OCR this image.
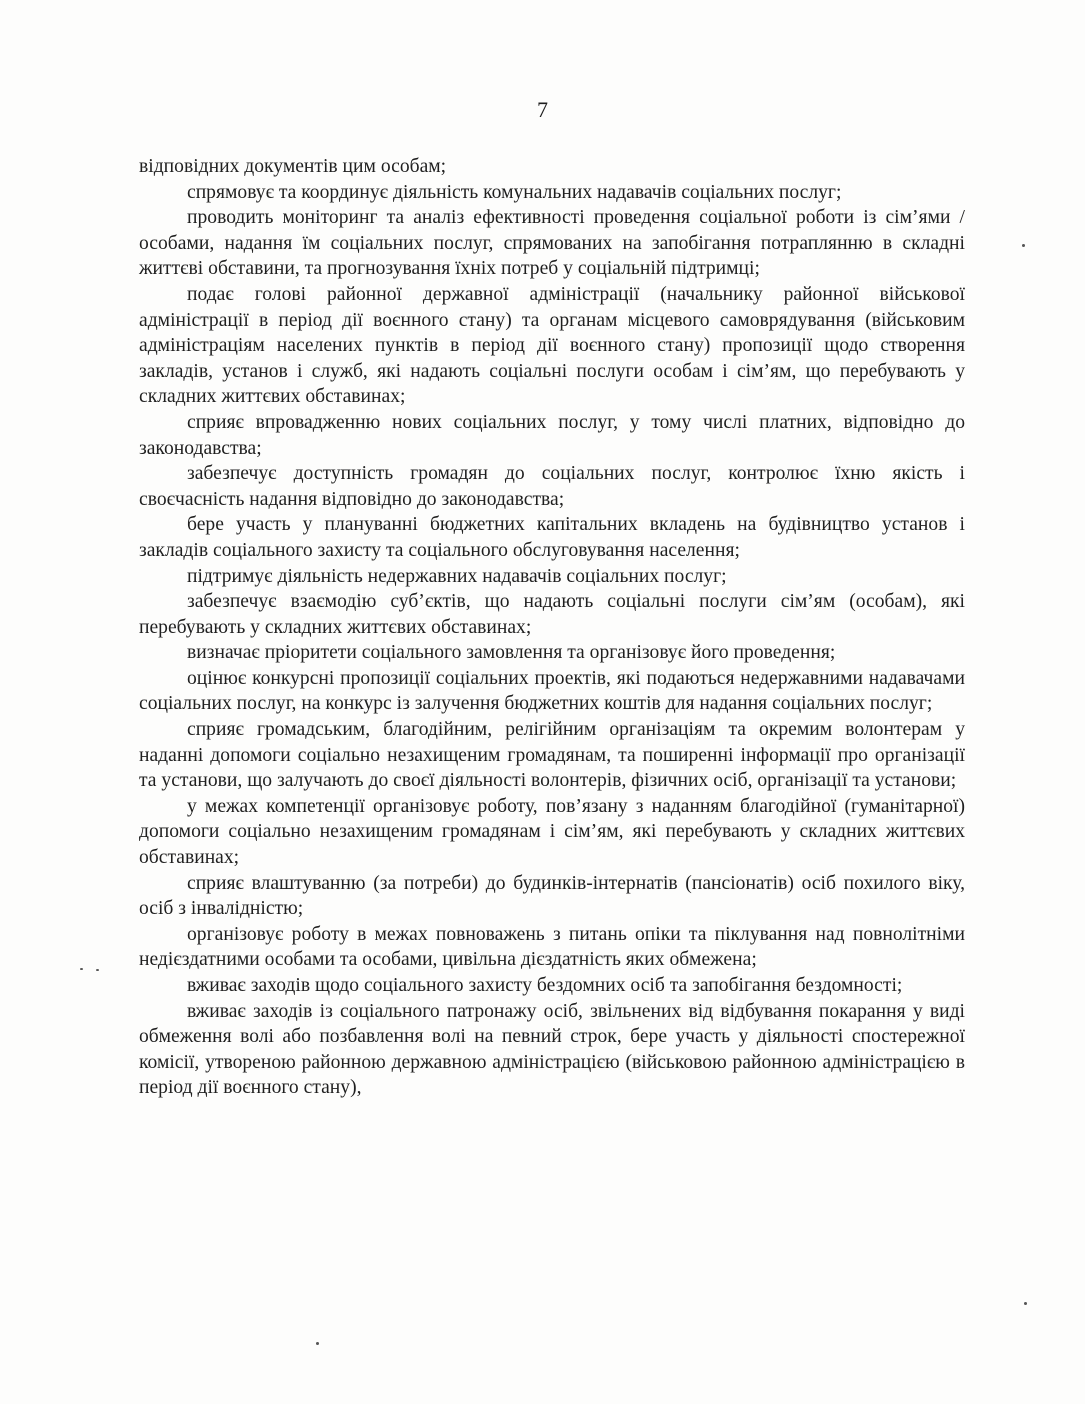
7

відповідних документів цим особам;

спрямовує та координує діяльність комунальних надавачів соціальних послуг;

проводить моніторинг та аналіз ефективності проведення соціальної роботи із сім’ями / особами, надання їм соціальних послуг, спрямованих на запобігання потраплянню в складні життєві обставини, та прогнозування їхніх потреб у соціальній підтримці;

подає голові районної державної адміністрації (начальнику районної військової адміністрації в період дії воєнного стану) та органам місцевого самоврядування (військовим адміністраціям населених пунктів в період дії воєнного стану) пропозиції щодо створення закладів, установ і служб, які надають соціальні послуги особам і сім’ям, що перебувають у складних життєвих обставинах;

сприяє впровадженню нових соціальних послуг, у тому числі платних, відповідно до законодавства;

забезпечує доступність громадян до соціальних послуг, контролює їхню якість і своєчасність надання відповідно до законодавства;

бере участь у плануванні бюджетних капітальних вкладень на будівництво установ і закладів соціального захисту та соціального обслуговування населення;

підтримує діяльність недержавних надавачів соціальних послуг;

забезпечує взаємодію суб’єктів, що надають соціальні послуги сім’ям (особам), які перебувають у складних життєвих обставинах;

визначає пріоритети соціального замовлення та організовує його проведення;

оцінює конкурсні пропозиції соціальних проектів, які подаються недержавними надавачами соціальних послуг, на конкурс із залучення бюджетних коштів для надання соціальних послуг;

сприяє громадським, благодійним, релігійним організаціям та окремим волонтерам у наданні допомоги соціально незахищеним громадянам, та поширенні інформації про організації та установи, що залучають до своєї діяльності волонтерів, фізичних осіб, організації та установи;

у межах компетенції організовує роботу, пов’язану з наданням благодійної (гуманітарної) допомоги соціально незахищеним громадянам і сім’ям, які перебувають у складних життєвих обставинах;

сприяє влаштуванню (за потреби) до будинків-інтернатів (пансіонатів) осіб похилого віку, осіб з інвалідністю;

організовує роботу в межах повноважень з питань опіки та піклування над повнолітніми недієздатними особами та особами, цивільна дієздатність яких обмежена;

вживає заходів щодо соціального захисту бездомних осіб та запобігання бездомності;

вживає заходів із соціального патронажу осіб, звільнених від відбування покарання у виді обмеження волі або позбавлення волі на певний строк, бере участь у діяльності спостережної комісії, утвореною районною державною адміністрацією (військовою районною адміністрацією в період дії воєнного стану),
